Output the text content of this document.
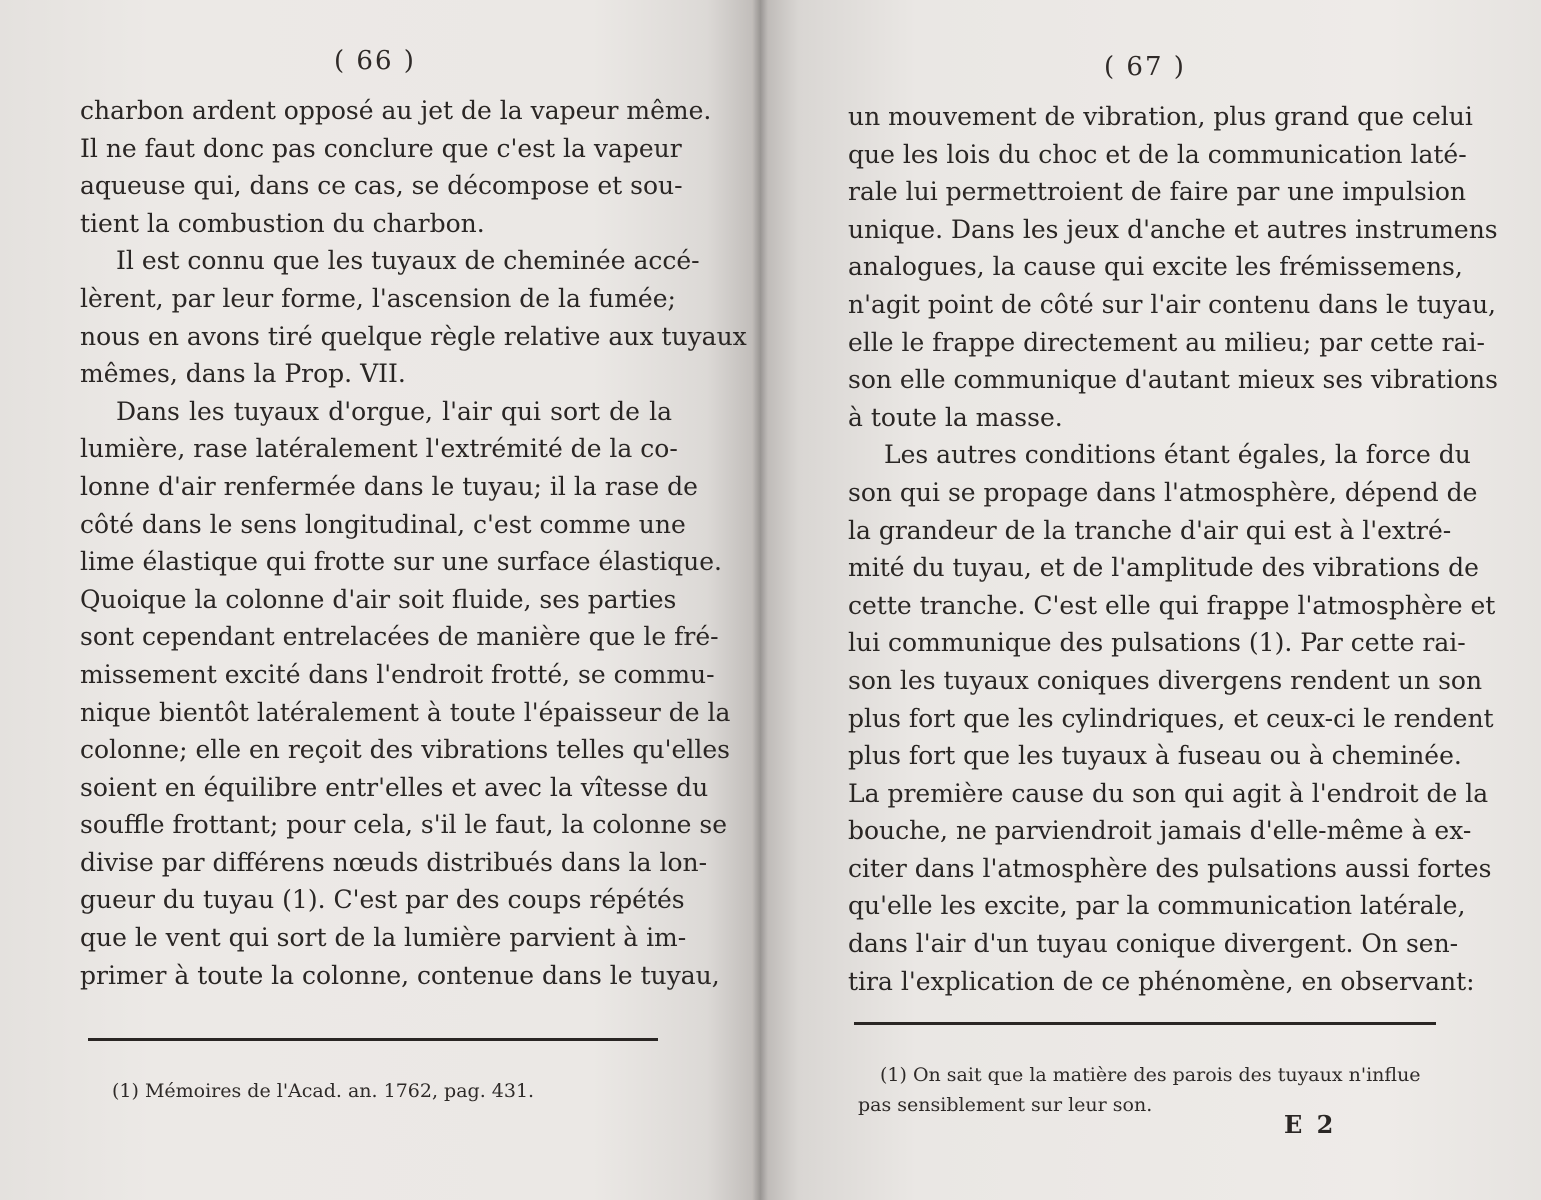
( 66 )
charbon ardent opposé au jet de la vapeur même.
Il ne faut donc pas conclure que c'est la vapeur
aqueuse qui, dans ce cas, se décompose et sou-
tient la combustion du charbon.
Il est connu que les tuyaux de cheminée accé-
lèrent, par leur forme, l'ascension de la fumée;
nous en avons tiré quelque règle relative aux tuyaux
mêmes, dans la Prop. VII.
Dans les tuyaux d'orgue, l'air qui sort de la
lumière, rase latéralement l'extrémité de la co-
lonne d'air renfermée dans le tuyau; il la rase de
côté dans le sens longitudinal, c'est comme une
lime élastique qui frotte sur une surface élastique.
Quoique la colonne d'air soit fluide, ses parties
sont cependant entrelacées de manière que le fré-
missement excité dans l'endroit frotté, se commu-
nique bientôt latéralement à toute l'épaisseur de la
colonne; elle en reçoit des vibrations telles qu'elles
soient en équilibre entr'elles et avec la vîtesse du
souffle frottant; pour cela, s'il le faut, la colonne se
divise par différens nœuds distribués dans la lon-
gueur du tuyau (1). C'est par des coups répétés
que le vent qui sort de la lumière parvient à im-
primer à toute la colonne, contenue dans le tuyau,
(1) Mémoires de l'Acad. an. 1762, pag. 431.
( 67 )
un mouvement de vibration, plus grand que celui
que les lois du choc et de la communication laté-
rale lui permettroient de faire par une impulsion
unique. Dans les jeux d'anche et autres instrumens
analogues, la cause qui excite les frémissemens,
n'agit point de côté sur l'air contenu dans le tuyau,
elle le frappe directement au milieu; par cette rai-
son elle communique d'autant mieux ses vibrations
à toute la masse.
Les autres conditions étant égales, la force du
son qui se propage dans l'atmosphère, dépend de
la grandeur de la tranche d'air qui est à l'extré-
mité du tuyau, et de l'amplitude des vibrations de
cette tranche. C'est elle qui frappe l'atmosphère et
lui communique des pulsations (1). Par cette rai-
son les tuyaux coniques divergens rendent un son
plus fort que les cylindriques, et ceux-ci le rendent
plus fort que les tuyaux à fuseau ou à cheminée.
La première cause du son qui agit à l'endroit de la
bouche, ne parviendroit jamais d'elle-même à ex-
citer dans l'atmosphère des pulsations aussi fortes
qu'elle les excite, par la communication latérale,
dans l'air d'un tuyau conique divergent. On sen-
tira l'explication de ce phénomène, en observant:
(1) On sait que la matière des parois des tuyaux n'influe
pas sensiblement sur leur son.
E 2
